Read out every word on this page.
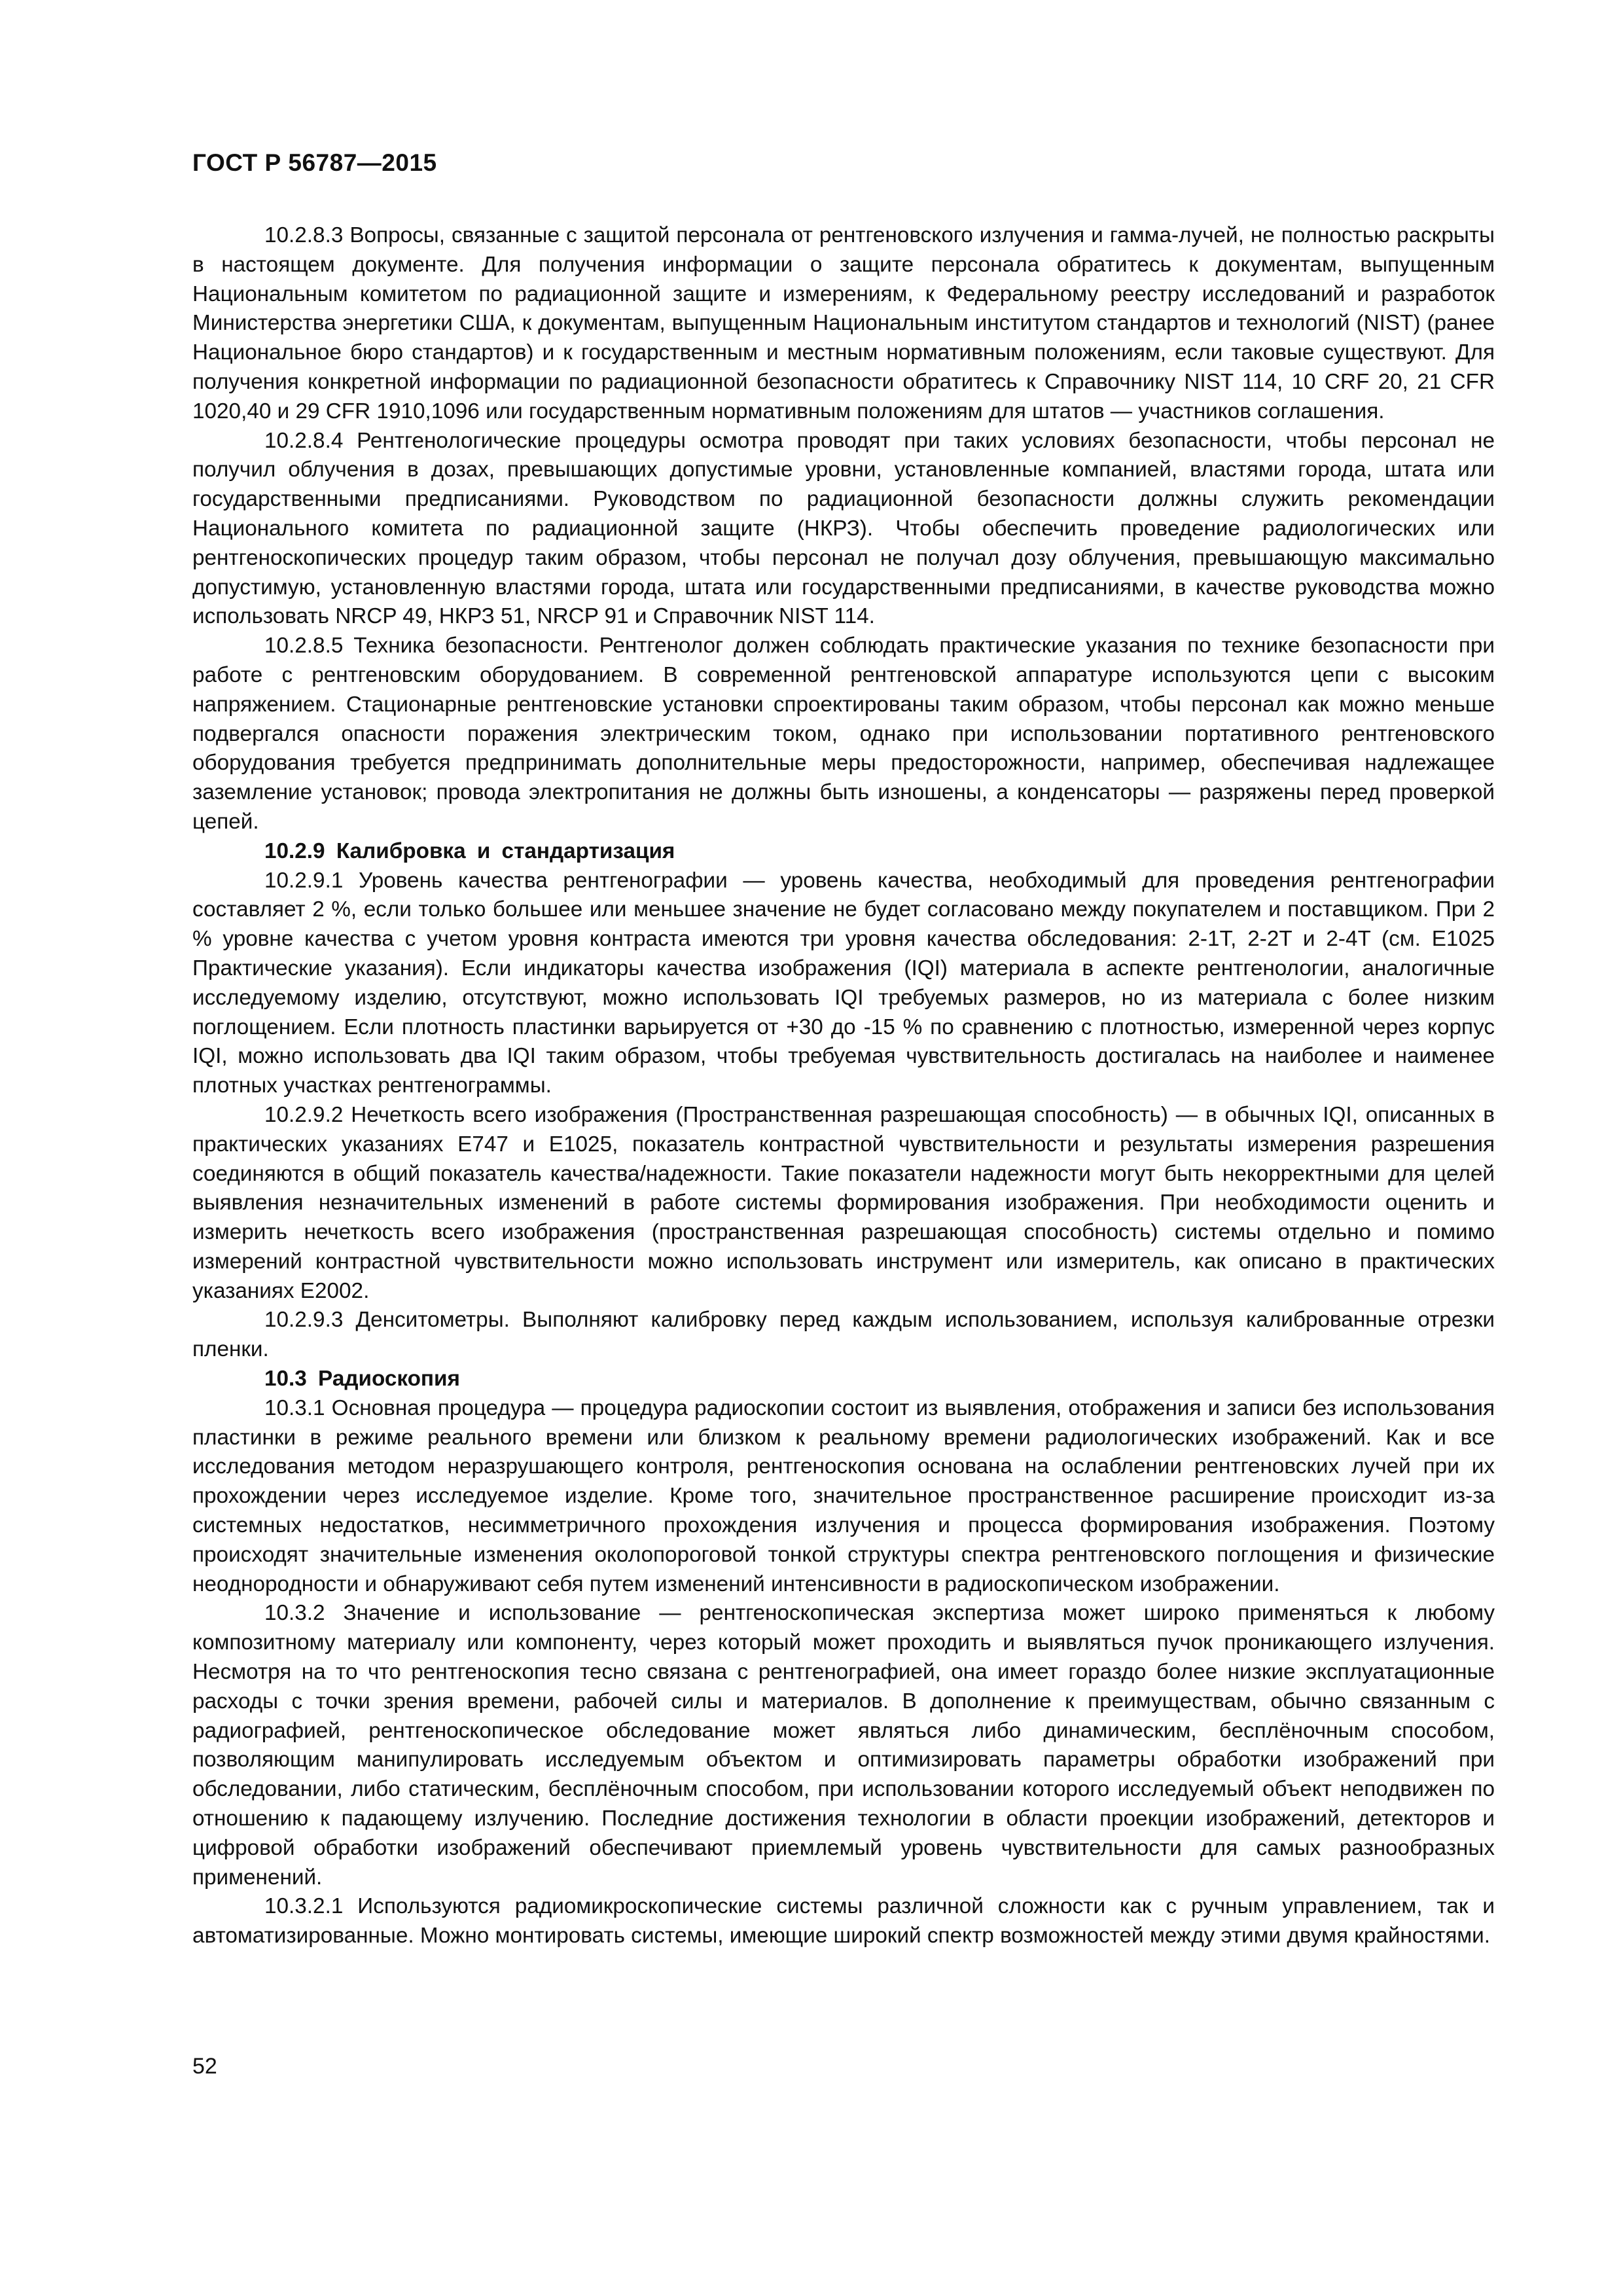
ГОСТ Р 56787—2015

10.2.8.3 Вопросы, связанные с защитой персонала от рентгеновского излучения и гамма-лучей, не полностью раскрыты в настоящем документе. Для получения информации о защите персонала обратитесь к документам, выпущенным Национальным комитетом по радиационной защите и измерениям, к Федеральному реестру исследований и разработок Министерства энергетики США, к документам, выпущенным Национальным институтом стандартов и технологий (NIST) (ранее Национальное бюро стандартов) и к государственным и местным нормативным положениям, если таковые существуют. Для получения конкретной информации по радиационной безопасности обратитесь к Справочнику NIST 114, 10 CRF 20, 21 CFR 1020,40 и 29 CFR 1910,1096 или государственным нормативным положениям для штатов — участников соглашения.

10.2.8.4 Рентгенологические процедуры осмотра проводят при таких условиях безопасности, чтобы персонал не получил облучения в дозах, превышающих допустимые уровни, установленные компанией, властями города, штата или государственными предписаниями. Руководством по радиационной безопасности должны служить рекомендации Национального комитета по радиационной защите (НКРЗ). Чтобы обеспечить проведение радиологических или рентгеноскопических процедур таким образом, чтобы персонал не получал дозу облучения, превышающую максимально допустимую, установленную властями города, штата или государственными предписаниями, в качестве руководства можно использовать NRCP 49, НКРЗ 51, NRCP 91 и Справочник NIST 114.

10.2.8.5 Техника безопасности. Рентгенолог должен соблюдать практические указания по технике безопасности при работе с рентгеновским оборудованием. В современной рентгеновской аппаратуре используются цепи с высоким напряжением. Стационарные рентгеновские установки спроектированы таким образом, чтобы персонал как можно меньше подвергался опасности поражения электрическим током, однако при использовании портативного рентгеновского оборудования требуется предпринимать дополнительные меры предосторожности, например, обеспечивая надлежащее заземление установок; провода электропитания не должны быть изношены, а конденсаторы — разряжены перед проверкой цепей.

10.2.9 Калибровка и стандартизация

10.2.9.1 Уровень качества рентгенографии — уровень качества, необходимый для проведения рентгенографии составляет 2 %, если только большее или меньшее значение не будет согласовано между покупателем и поставщиком. При 2 % уровне качества с учетом уровня контраста имеются три уровня качества обследования: 2-1T, 2-2T и 2-4T (см. E1025 Практические указания). Если индикаторы качества изображения (IQI) материала в аспекте рентгенологии, аналогичные исследуемому изделию, отсутствуют, можно использовать IQI требуемых размеров, но из материала с более низким поглощением. Если плотность пластинки варьируется от +30 до -15 % по сравнению с плотностью, измеренной через корпус IQI, можно использовать два IQI таким образом, чтобы требуемая чувствительность достигалась на наиболее и наименее плотных участках рентгенограммы.

10.2.9.2 Нечеткость всего изображения (Пространственная разрешающая способность) — в обычных IQI, описанных в практических указаниях E747 и E1025, показатель контрастной чувствительности и результаты измерения разрешения соединяются в общий показатель качества/надежности. Такие показатели надежности могут быть некорректными для целей выявления незначительных изменений в работе системы формирования изображения. При необходимости оценить и измерить нечеткость всего изображения (пространственная разрешающая способность) системы отдельно и помимо измерений контрастной чувствительности можно использовать инструмент или измеритель, как описано в практических указаниях E2002.

10.2.9.3 Денситометры. Выполняют калибровку перед каждым использованием, используя калиброванные отрезки пленки.

10.3 Радиоскопия

10.3.1 Основная процедура — процедура радиоскопии состоит из выявления, отображения и записи без использования пластинки в режиме реального времени или близком к реальному времени радиологических изображений. Как и все исследования методом неразрушающего контроля, рентгеноскопия основана на ослаблении рентгеновских лучей при их прохождении через исследуемое изделие. Кроме того, значительное пространственное расширение происходит из-за системных недостатков, несимметричного прохождения излучения и процесса формирования изображения. Поэтому происходят значительные изменения околопороговой тонкой структуры спектра рентгеновского поглощения и физические неоднородности и обнаруживают себя путем изменений интенсивности в радиоскопическом изображении.

10.3.2 Значение и использование — рентгеноскопическая экспертиза может широко применяться к любому композитному материалу или компоненту, через который может проходить и выявляться пучок проникающего излучения. Несмотря на то что рентгеноскопия тесно связана с рентгенографией, она имеет гораздо более низкие эксплуатационные расходы с точки зрения времени, рабочей силы и материалов. В дополнение к преимуществам, обычно связанным с радиографией, рентгеноскопическое обследование может являться либо динамическим, бесплёночным способом, позволяющим манипулировать исследуемым объектом и оптимизировать параметры обработки изображений при обследовании, либо статическим, бесплёночным способом, при использовании которого исследуемый объект неподвижен по отношению к падающему излучению. Последние достижения технологии в области проекции изображений, детекторов и цифровой обработки изображений обеспечивают приемлемый уровень чувствительности для самых разнообразных применений.

10.3.2.1 Используются радиомикроскопические системы различной сложности как с ручным управлением, так и автоматизированные. Можно монтировать системы, имеющие широкий спектр возможностей между этими двумя крайностями.

52
